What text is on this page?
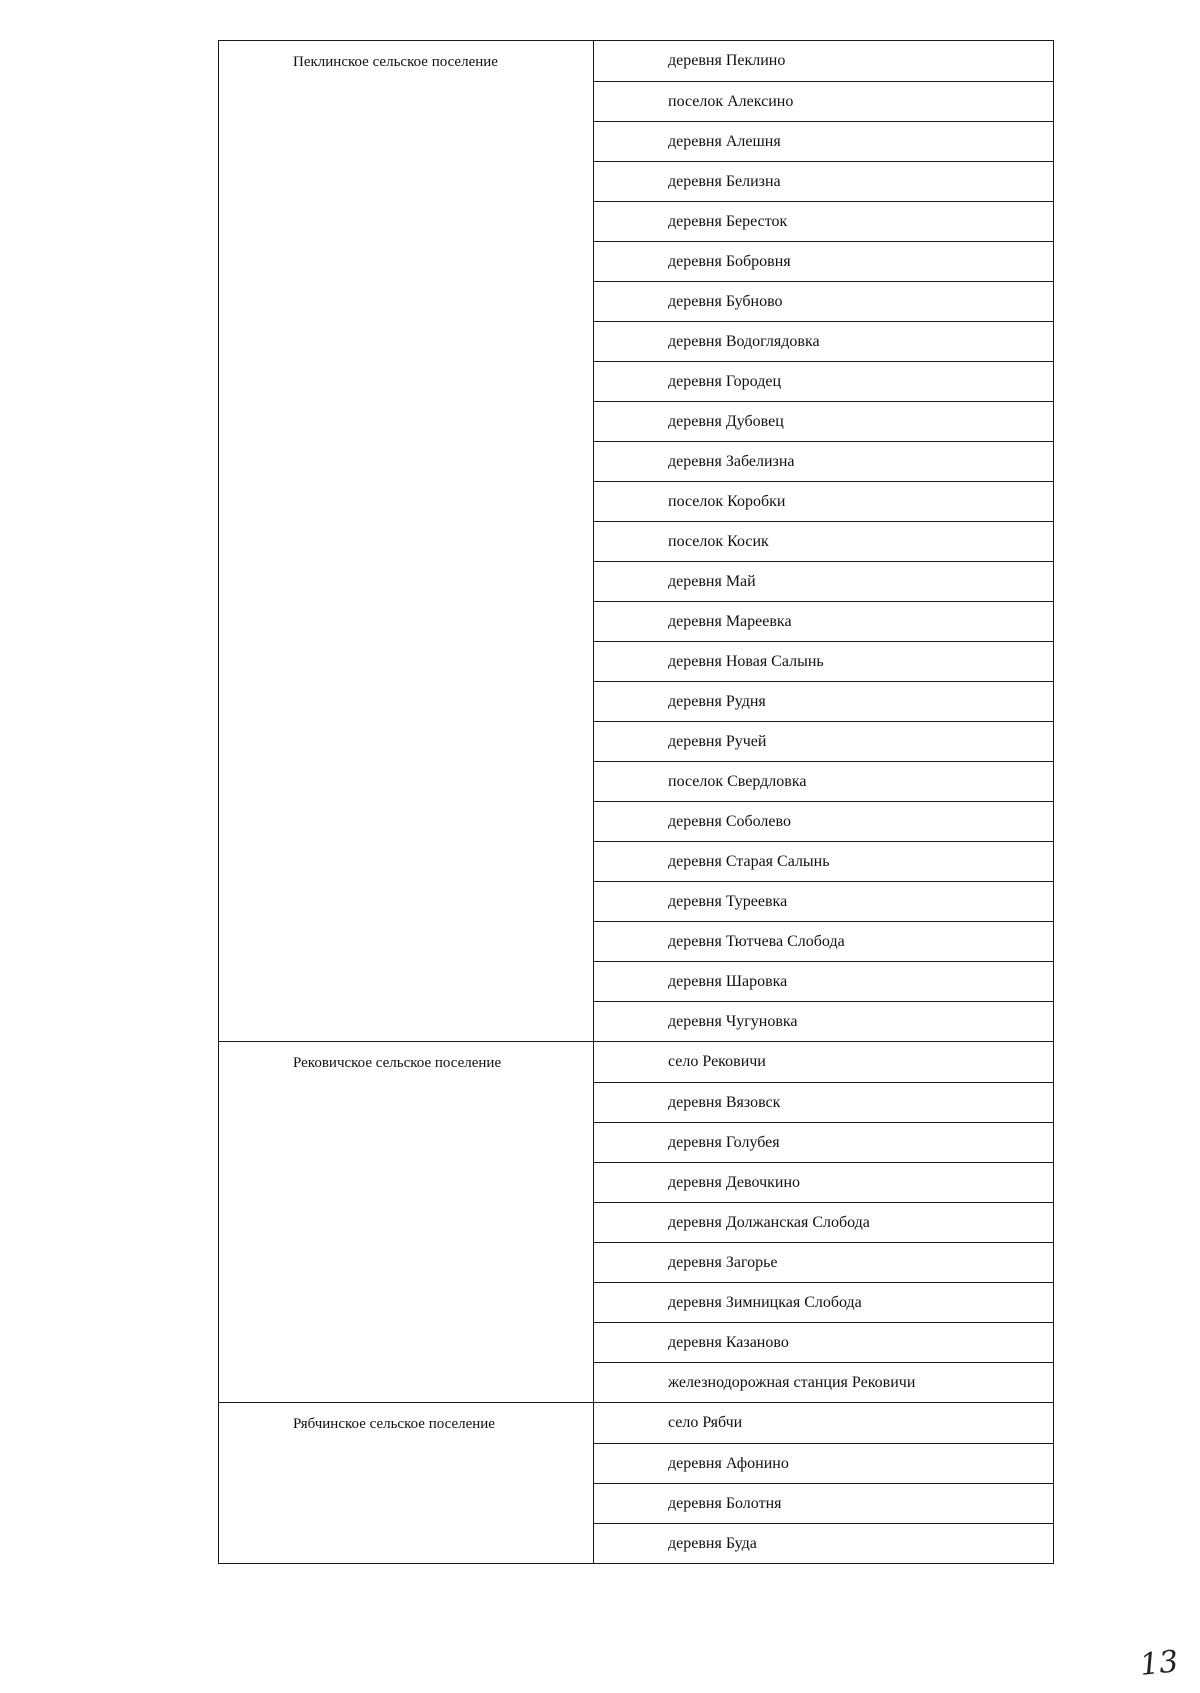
Пеклинское сельское поселение	деревня Пеклино
поселок Алексино
деревня Алешня
деревня Белизна
деревня Бересток
деревня Бобровня
деревня Бубново
деревня Водоглядовка
деревня Городец
деревня Дубовец
деревня Забелизна
поселок Коробки
поселок Косик
деревня Май
деревня Мареевка
деревня Новая Салынь
деревня Рудня
деревня Ручей
поселок Свердловка
деревня Соболево
деревня Старая Салынь
деревня Туреевка
деревня Тютчева Слобода
деревня Шаровка
деревня Чугуновка
Рековичское сельское поселение	село Рековичи
деревня Вязовск
деревня Голубея
деревня Девочкино
деревня Должанская Слобода
деревня Загорье
деревня Зимницкая Слобода
деревня Казаново
железнодорожная станция Рековичи
Рябчинское сельское поселение	село Рябчи
деревня Афонино
деревня Болотня
деревня Буда
13
